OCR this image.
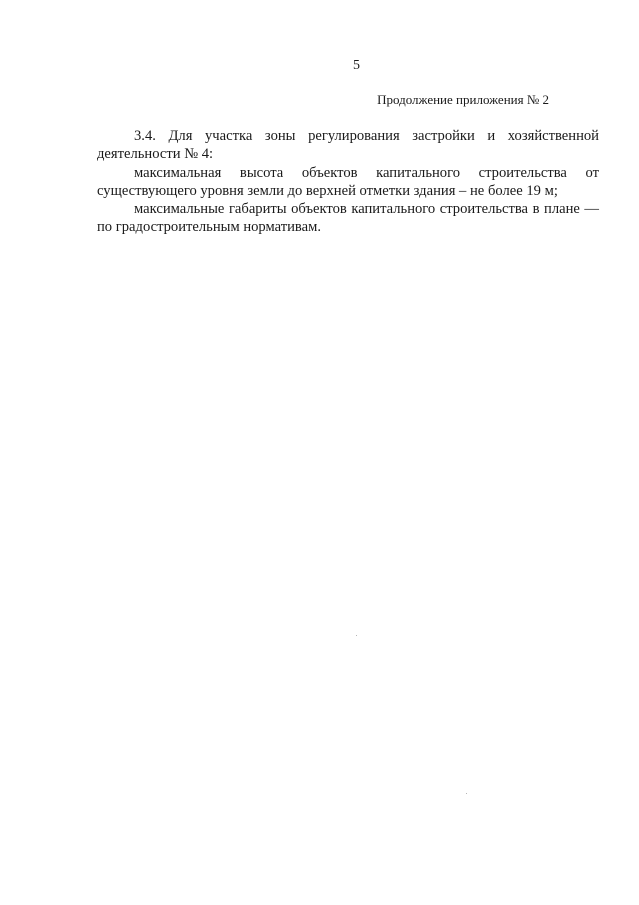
5
Продолжение приложения № 2

3.4. Для участка зоны регулирования застройки и хозяйственной деятельности № 4:

максимальная высота объектов капитального строительства от существующего уровня земли до верхней отметки здания – не более 19 м;

максимальные габариты объектов капитального строительства в плане — по градостроительным нормативам.
